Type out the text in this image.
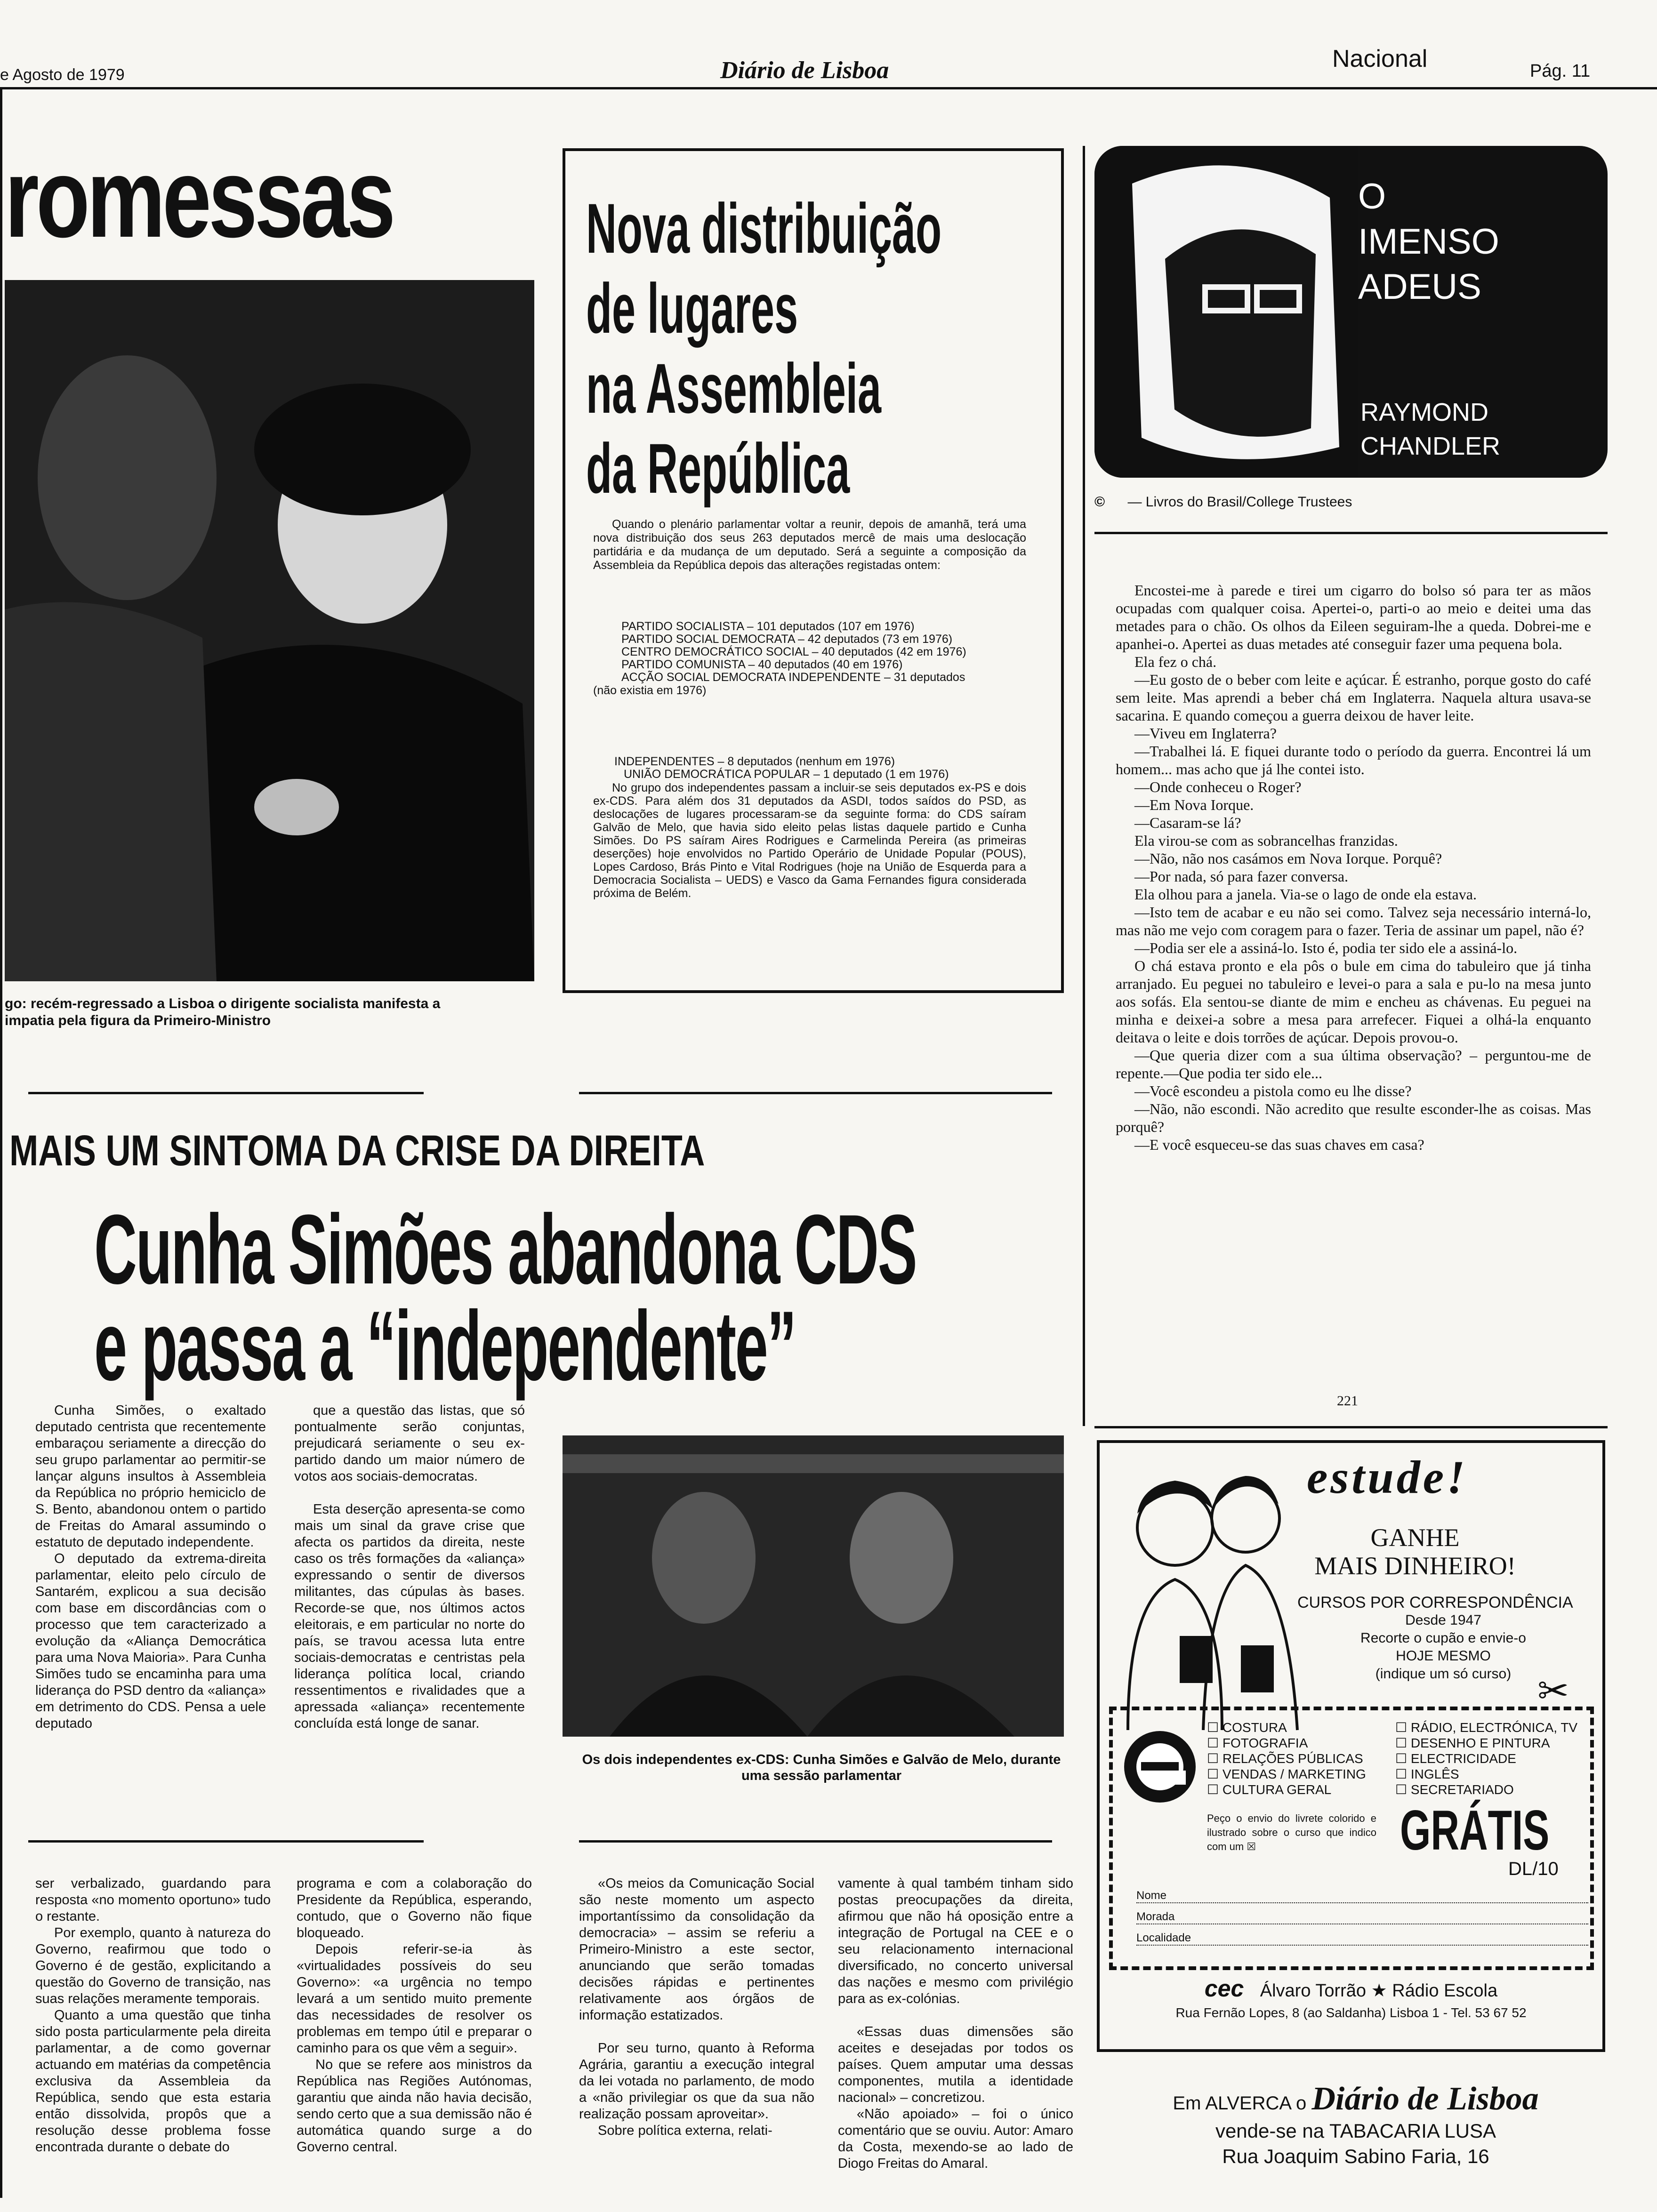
e Agosto de 1979	Diário de Lisboa	Nacional	Pág. 11
romessas
go: recém-regressado a Lisboa o dirigente socialista manifesta a
impatia pela figura da Primeiro-Ministro
Nova distribuição
de lugares
na Assembleia
da República
Quando o plenário parlamentar voltar a reunir, depois de amanhã, terá uma nova distribuição dos seus 263 deputados mercê de mais uma deslocação partidária e da mudança de um deputado. Será a seguinte a composição da Assembleia da República depois das alterações registadas ontem:

PARTIDO SOCIALISTA – 101 deputados (107 em 1976)

PARTIDO SOCIAL DEMOCRATA – 42 deputados (73 em 1976)

CENTRO DEMOCRÁTICO SOCIAL – 40 deputados (42 em 1976)

PARTIDO COMUNISTA – 40 deputados (40 em 1976)

ACÇÃO SOCIAL DEMOCRATA INDEPENDENTE – 31 deputados

(não existia em 1976)

INDEPENDENTES – 8 deputados (nenhum em 1976)

UNIÃO DEMOCRÁTICA POPULAR – 1 deputado (1 em 1976)

No grupo dos independentes passam a incluir-se seis deputados ex-PS e dois ex-CDS. Para além dos 31 deputados da ASDI, todos saídos do PSD, as deslocações de lugares processaram-se da seguinte forma: do CDS saíram Galvão de Melo, que havia sido eleito pelas listas daquele partido e Cunha Simões. Do PS saíram Aires Rodrigues e Carmelinda Pereira (as primeiras deserções) hoje envolvidos no Partido Operário de Unidade Popular (POUS), Lopes Cardoso, Brás Pinto e Vital Rodrigues (hoje na União de Esquerda para a Democracia Socialista – UEDS) e Vasco da Gama Fernandes figura considerada próxima de Belém.
MAIS UM SINTOMA DA CRISE DA DIREITA
Cunha Simões abandona CDS
e passa a “independente”

Cunha Simões, o exaltado deputado centrista que recentemente embaraçou seriamente a direcção do seu grupo parlamentar ao permitir-se lançar alguns insultos à Assembleia da República no próprio hemiciclo de S. Bento, abandonou ontem o partido de Freitas do Amaral assumindo o estatuto de deputado independente.

O deputado da extrema-direita parlamentar, eleito pelo círculo de Santarém, explicou a sua decisão com base em discordâncias com o processo que tem caracterizado a evolução da «Aliança Democrática para uma Nova Maioria». Para Cunha Simões tudo se encaminha para uma liderança do PSD dentro da «aliança» em detrimento do CDS. Pensa a uele deputado

que a questão das listas, que só pontualmente serão conjuntas, prejudicará seriamente o seu ex-partido dando um maior número de votos aos sociais-democratas.

Esta deserção apresenta-se como mais um sinal da grave crise que afecta os partidos da direita, neste caso os três formações da «aliança» expressando o sentir de diversos militantes, das cúpulas às bases. Recorde-se que, nos últimos actos eleitorais, e em particular no norte do país, se travou acessa luta entre sociais-democratas e centristas pela liderança política local, criando ressentimentos e rivalidades que a apressada «aliança» recentemente concluída está longe de sanar.

Os dois independentes ex-CDS: Cunha Simões e Galvão de Melo, durante uma sessão parlamentar

ser verbalizado, guardando para resposta «no momento oportuno» tudo o restante.

Por exemplo, quanto à natureza do Governo, reafirmou que todo o Governo é de gestão, explicitando a questão do Governo de transição, nas suas relações meramente temporais.

Quanto a uma questão que tinha sido posta particularmente pela direita parlamentar, a de como governar actuando em matérias da competência exclusiva da Assembleia da República, sendo que esta estaria então dissolvida, propôs que a resolução desse problema fosse encontrada durante o debate do

programa e com a colaboração do Presidente da República, esperando, contudo, que o Governo não fique bloqueado.

Depois referir-se-ia às «virtualidades possíveis do seu Governo»: «a urgência no tempo levará a um sentido muito premente das necessidades de resolver os problemas em tempo útil e preparar o caminho para os que vêm a seguir».

No que se refere aos ministros da República nas Regiões Autónomas, garantiu que ainda não havia decisão, sendo certo que a sua demissão não é automática quando surge a do Governo central.

«Os meios da Comunicação Social são neste momento um aspecto importantíssimo da consolidação da democracia» – assim se referiu a Primeiro-Ministro a este sector, anunciando que serão tomadas decisões rápidas e pertinentes relativamente aos órgãos de informação estatizados.

Por seu turno, quanto à Reforma Agrária, garantiu a execução integral da lei votada no parlamento, de modo a «não privilegiar os que da sua não realização possam aproveitar».

Sobre política externa, relati-

vamente à qual também tinham sido postas preocupações da direita, afirmou que não há oposição entre a integração de Portugal na CEE e o seu relacionamento internacional diversificado, no concerto universal das nações e mesmo com privilégio para as ex-colónias.

«Essas duas dimensões são aceites e desejadas por todos os países. Quem amputar uma dessas componentes, mutila a identidade nacional» – concretizou.

«Não apoiado» – foi o único comentário que se ouviu. Autor: Amaro da Costa, mexendo-se ao lado de Diogo Freitas do Amaral.

O
IMENSO
ADEUS
RAYMOND
CHANDLER
© — Livros do Brasil/College Trustees

Encostei-me à parede e tirei um cigarro do bolso só para ter as mãos ocupadas com qualquer coisa. Apertei-o, parti-o ao meio e deitei uma das metades para o chão. Os olhos da Eileen seguiram-lhe a queda. Dobrei-me e apanhei-o. Apertei as duas metades até conseguir fazer uma pequena bola.

Ela fez o chá.

—Eu gosto de o beber com leite e açúcar. É estranho, porque gosto do café sem leite. Mas aprendi a beber chá em Inglaterra. Naquela altura usava-se sacarina. E quando começou a guerra deixou de haver leite.

—Viveu em Inglaterra?

—Trabalhei lá. E fiquei durante todo o período da guerra. Encontrei lá um homem... mas acho que já lhe contei isto.

—Onde conheceu o Roger?

—Em Nova Iorque.

—Casaram-se lá?

Ela virou-se com as sobrancelhas franzidas.

—Não, não nos casámos em Nova Iorque. Porquê?

—Por nada, só para fazer conversa.

Ela olhou para a janela. Via-se o lago de onde ela estava.

—Isto tem de acabar e eu não sei como. Talvez seja necessário interná-lo, mas não me vejo com coragem para o fazer. Teria de assinar um papel, não é?

—Podia ser ele a assiná-lo. Isto é, podia ter sido ele a assiná-lo.

O chá estava pronto e ela pôs o bule em cima do tabuleiro que já tinha arranjado. Eu peguei no tabuleiro e levei-o para a sala e pu-lo na mesa junto aos sofás. Ela sentou-se diante de mim e encheu as chávenas. Eu peguei na minha e deixei-a sobre a mesa para arrefecer. Fiquei a olhá-la enquanto deitava o leite e dois torrões de açúcar. Depois provou-o.

—Que queria dizer com a sua última observação? – perguntou-me de repente.—Que podia ter sido ele...

—Você escondeu a pistola como eu lhe disse?

—Não, não escondi. Não acredito que resulte esconder-lhe as coisas. Mas porquê?

—E você esqueceu-se das suas chaves em casa?

221
estude!
GANHE
MAIS DINHEIRO!
CURSOS POR CORRESPONDÊNCIA
Desde 1947
Recorte o cupão e envie-o
HOJE MESMO
(indique um só curso) ✂

☐ COSTURA

☐ FOTOGRAFIA

☐ RELAÇÕES PÚBLICAS

☐ VENDAS / MARKETING

☐ CULTURA GERAL

☐ RÁDIO, ELECTRÓNICA, TV

☐ DESENHO E PINTURA

☐ ELECTRICIDADE

☐ INGLÊS

☐ SECRETARIADO

Peço o envio do livrete colorido e ilustrado sobre o curso que indico com um ☒	GRÁTIS
DL/10
Nome
Morada
Localidade
cec Álvaro Torrão ★ Rádio Escola
Rua Fernão Lopes, 8 (ao Saldanha) Lisboa 1 - Tel. 53 67 52
Em ALVERCA o Diário de Lisboa
vende-se na TABACARIA LUSA
Rua Joaquim Sabino Faria, 16
